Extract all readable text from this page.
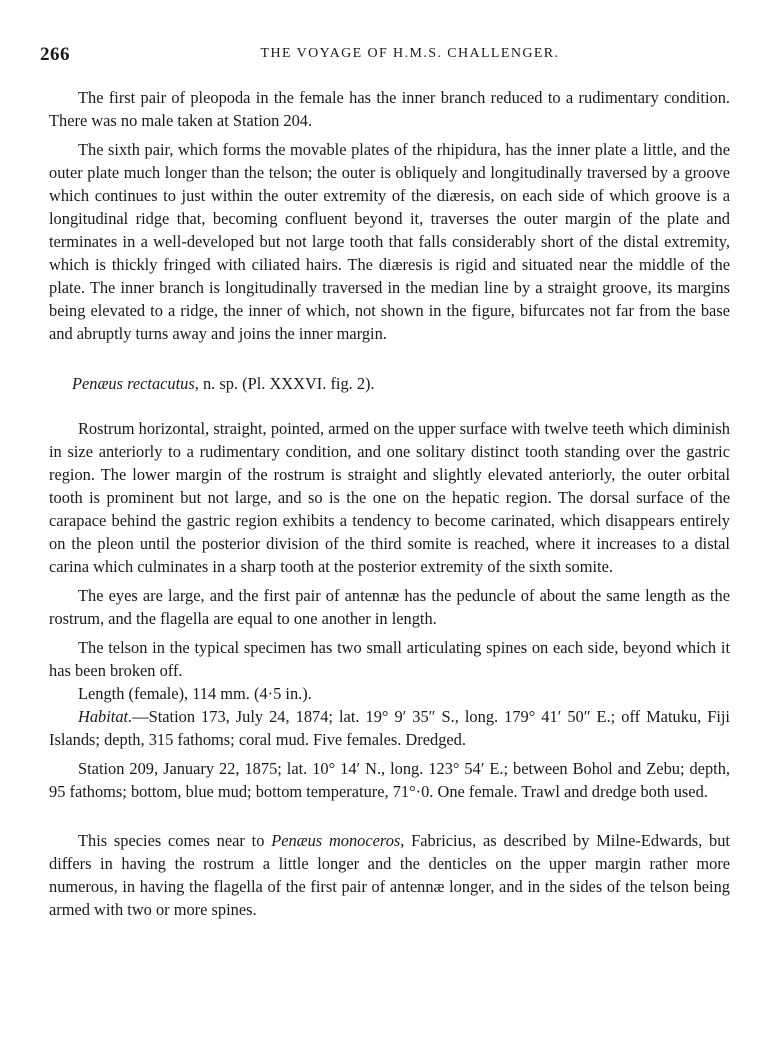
266	THE VOYAGE OF H.M.S. CHALLENGER.

The first pair of pleopoda in the female has the inner branch reduced to a rudimentary condition. There was no male taken at Station 204.

The sixth pair, which forms the movable plates of the rhipidura, has the inner plate a little, and the outer plate much longer than the telson; the outer is obliquely and longitudinally traversed by a groove which continues to just within the outer extremity of the diæresis, on each side of which groove is a longitudinal ridge that, becoming confluent beyond it, traverses the outer margin of the plate and terminates in a well-developed but not large tooth that falls considerably short of the distal extremity, which is thickly fringed with ciliated hairs. The diæresis is rigid and situated near the middle of the plate. The inner branch is longitudinally traversed in the median line by a straight groove, its margins being elevated to a ridge, the inner of which, not shown in the figure, bifurcates not far from the base and abruptly turns away and joins the inner margin.

Penæus rectacutus, n. sp. (Pl. XXXVI. fig. 2).

Rostrum horizontal, straight, pointed, armed on the upper surface with twelve teeth which diminish in size anteriorly to a rudimentary condition, and one solitary distinct tooth standing over the gastric region. The lower margin of the rostrum is straight and slightly elevated anteriorly, the outer orbital tooth is prominent but not large, and so is the one on the hepatic region. The dorsal surface of the carapace behind the gastric region exhibits a tendency to become carinated, which disappears entirely on the pleon until the posterior division of the third somite is reached, where it increases to a distal carina which culminates in a sharp tooth at the posterior extremity of the sixth somite.

The eyes are large, and the first pair of antennæ has the peduncle of about the same length as the rostrum, and the flagella are equal to one another in length.

The telson in the typical specimen has two small articulating spines on each side, beyond which it has been broken off.

Length (female), 114 mm. (4·5 in.).

Habitat.—Station 173, July 24, 1874; lat. 19° 9′ 35″ S., long. 179° 41′ 50″ E.; off Matuku, Fiji Islands; depth, 315 fathoms; coral mud. Five females. Dredged.

Station 209, January 22, 1875; lat. 10° 14′ N., long. 123° 54′ E.; between Bohol and Zebu; depth, 95 fathoms; bottom, blue mud; bottom temperature, 71°·0. One female. Trawl and dredge both used.

This species comes near to Penæus monoceros, Fabricius, as described by Milne-Edwards, but differs in having the rostrum a little longer and the denticles on the upper margin rather more numerous, in having the flagella of the first pair of antennæ longer, and in the sides of the telson being armed with two or more spines.
